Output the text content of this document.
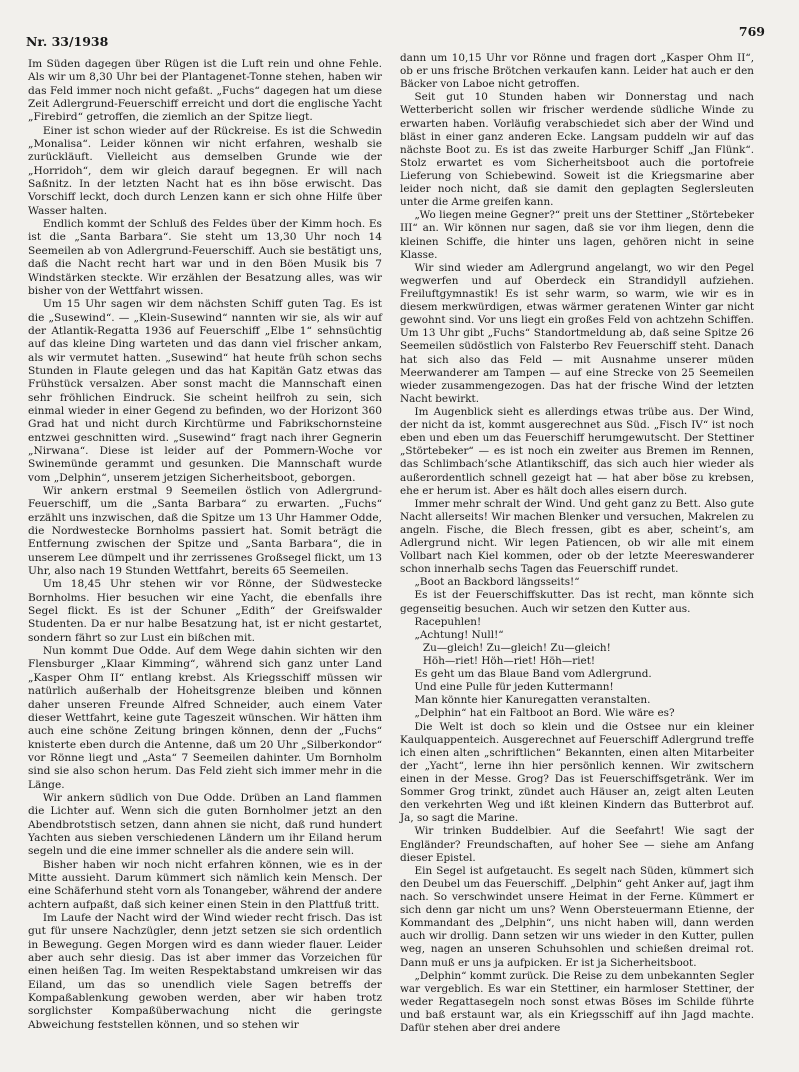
Nr. 33/1938
769

Im Süden dagegen über Rügen ist die Luft rein und ohne Fehle. Als wir um 8,30 Uhr bei der Plantagenet-Tonne stehen, haben wir das Feld immer noch nicht gefaßt. „Fuchs“ dagegen hat um diese Zeit Adlergrund-Feuerschiff erreicht und dort die englische Yacht „Firebird“ getroffen, die ziemlich an der Spitze liegt.

Einer ist schon wieder auf der Rückreise. Es ist die Schwedin „Monalisa“. Leider können wir nicht erfahren, weshalb sie zurückläuft. Vielleicht aus demselben Grunde wie der „Horridoh“, dem wir gleich darauf begegnen. Er will nach Saßnitz. In der letzten Nacht hat es ihn böse erwischt. Das Vorschiff leckt, doch durch Lenzen kann er sich ohne Hilfe über Wasser halten.

Endlich kommt der Schluß des Feldes über der Kimm hoch. Es ist die „Santa Barbara“. Sie steht um 13,30 Uhr noch 14 Seemeilen ab von Adlergrund-Feuerschiff. Auch sie bestätigt uns, daß die Nacht recht hart war und in den Böen Musik bis 7 Windstärken steckte. Wir erzählen der Besatzung alles, was wir bisher von der Wettfahrt wissen.

Um 15 Uhr sagen wir dem nächsten Schiff guten Tag. Es ist die „Susewind“. — „Klein-Susewind“ nannten wir sie, als wir auf der Atlantik-Regatta 1936 auf Feuerschiff „Elbe 1“ sehnsüchtig auf das kleine Ding warteten und das dann viel frischer ankam, als wir vermutet hatten. „Susewind“ hat heute früh schon sechs Stunden in Flaute gelegen und das hat Kapitän Gatz etwas das Frühstück versalzen. Aber sonst macht die Mannschaft einen sehr fröhlichen Eindruck. Sie scheint heilfroh zu sein, sich einmal wieder in einer Gegend zu befinden, wo der Horizont 360 Grad hat und nicht durch Kirchtürme und Fabrikschornsteine entzwei geschnitten wird. „Susewind“ fragt nach ihrer Gegnerin „Nirwana“. Diese ist leider auf der Pommern-Woche vor Swinemünde gerammt und gesunken. Die Mannschaft wurde vom „Delphin“, unserem jetzigen Sicherheitsboot, geborgen.

Wir ankern erstmal 9 Seemeilen östlich von Adlergrund-Feuerschiff, um die „Santa Barbara“ zu erwarten. „Fuchs“ erzählt uns inzwischen, daß die Spitze um 13 Uhr Hammer Odde, die Nordwestecke Bornholms passiert hat. Somit beträgt die Entfernung zwischen der Spitze und „Santa Barbara“, die in unserem Lee dümpelt und ihr zerrissenes Großsegel flickt, um 13 Uhr, also nach 19 Stunden Wettfahrt, bereits 65 Seemeilen.

Um 18,45 Uhr stehen wir vor Rönne, der Südwestecke Bornholms. Hier besuchen wir eine Yacht, die ebenfalls ihre Segel flickt. Es ist der Schuner „Edith“ der Greifswalder Studenten. Da er nur halbe Besatzung hat, ist er nicht gestartet, sondern fährt so zur Lust ein bißchen mit.

Nun kommt Due Odde. Auf dem Wege dahin sichten wir den Flensburger „Klaar Kimming“, während sich ganz unter Land „Kasper Ohm II“ entlang krebst. Als Kriegsschiff müssen wir natürlich außerhalb der Hoheitsgrenze bleiben und können daher unseren Freunde Alfred Schneider, auch einem Vater dieser Wettfahrt, keine gute Tageszeit wünschen. Wir hätten ihm auch eine schöne Zeitung bringen können, denn der „Fuchs“ knisterte eben durch die Antenne, daß um 20 Uhr „Silberkondor“ vor Rönne liegt und „Asta“ 7 Seemeilen dahinter. Um Bornholm sind sie also schon herum. Das Feld zieht sich immer mehr in die Länge.

Wir ankern südlich von Due Odde. Drüben an Land flammen die Lichter auf. Wenn sich die guten Bornholmer jetzt an den Abendbrotstisch setzen, dann ahnen sie nicht, daß rund hundert Yachten aus sieben verschiedenen Ländern um ihr Eiland herum segeln und die eine immer schneller als die andere sein will.

Bisher haben wir noch nicht erfahren können, wie es in der Mitte aussieht. Darum kümmert sich nämlich kein Mensch. Der eine Schäferhund steht vorn als Tonangeber, während der andere achtern aufpaßt, daß sich keiner einen Stein in den Plattfuß tritt.

Im Laufe der Nacht wird der Wind wieder recht frisch. Das ist gut für unsere Nachzügler, denn jetzt setzen sie sich ordentlich in Bewegung. Gegen Morgen wird es dann wieder flauer. Leider aber auch sehr diesig. Das ist aber immer das Vorzeichen für einen heißen Tag. Im weiten Respektabstand umkreisen wir das Eiland, um das so unendlich viele Sagen betreffs der Kompaßablenkung gewoben werden, aber wir haben trotz sorglichster Kompaßüberwachung nicht die geringste Abweichung feststellen können, und so stehen wir

dann um 10,15 Uhr vor Rönne und fragen dort „Kasper Ohm II“, ob er uns frische Brötchen verkaufen kann. Leider hat auch er den Bäcker von Laboe nicht getroffen.

Seit gut 10 Stunden haben wir Donnerstag und nach Wetterbericht sollen wir frischer werdende südliche Winde zu erwarten haben. Vorläufig verabschiedet sich aber der Wind und bläst in einer ganz anderen Ecke. Langsam puddeln wir auf das nächste Boot zu. Es ist das zweite Harburger Schiff „Jan Flünk“. Stolz erwartet es vom Sicherheitsboot auch die portofreie Lieferung von Schiebewind. Soweit ist die Kriegsmarine aber leider noch nicht, daß sie damit den geplagten Seglersleuten unter die Arme greifen kann.

„Wo liegen meine Gegner?“ preit uns der Stettiner „Störtebeker III“ an. Wir können nur sagen, daß sie vor ihm liegen, denn die kleinen Schiffe, die hinter uns lagen, gehören nicht in seine Klasse.

Wir sind wieder am Adlergrund angelangt, wo wir den Pegel wegwerfen und auf Oberdeck ein Strandidyll aufziehen. Freiluftgymnastik! Es ist sehr warm, so warm, wie wir es in diesem merkwürdigen, etwas wärmer geratenen Winter gar nicht gewohnt sind. Vor uns liegt ein großes Feld von achtzehn Schiffen. Um 13 Uhr gibt „Fuchs“ Standortmeldung ab, daß seine Spitze 26 Seemeilen südöstlich von Falsterbo Rev Feuerschiff steht. Danach hat sich also das Feld — mit Ausnahme unserer müden Meerwanderer am Tampen — auf eine Strecke von 25 Seemeilen wieder zusammengezogen. Das hat der frische Wind der letzten Nacht bewirkt.

Im Augenblick sieht es allerdings etwas trübe aus. Der Wind, der nicht da ist, kommt ausgerechnet aus Süd. „Fisch IV“ ist noch eben und eben um das Feuerschiff herumgewutscht. Der Stettiner „Störtebeker“ — es ist noch ein zweiter aus Bremen im Rennen, das Schlimbach’sche Atlantikschiff, das sich auch hier wieder als außerordentlich schnell gezeigt hat — hat aber böse zu krebsen, ehe er herum ist. Aber es hält doch alles eisern durch.

Immer mehr schralt der Wind. Und geht ganz zu Bett. Also gute Nacht allerseits! Wir machen Blenker und versuchen, Makrelen zu angeln. Fische, die Blech fressen, gibt es aber, scheint’s, am Adlergrund nicht. Wir legen Patiencen, ob wir alle mit einem Vollbart nach Kiel kommen, oder ob der letzte Meereswanderer schon innerhalb sechs Tagen das Feuerschiff rundet.

„Boot an Backbord längsseits!“

Es ist der Feuerschiffskutter. Das ist recht, man könnte sich gegenseitig besuchen. Auch wir setzen den Kutter aus.

Racepuhlen!

„Achtung! Null!“

Zu—gleich! Zu—gleich! Zu—gleich!

Höh—riet! Höh—riet! Höh—riet!

Es geht um das Blaue Band vom Adlergrund.

Und eine Pulle für jeden Kuttermann!

Man könnte hier Kanuregatten veranstalten.

„Delphin“ hat ein Faltboot an Bord. Wie wäre es?

Die Welt ist doch so klein und die Ostsee nur ein kleiner Kaulquappenteich. Ausgerechnet auf Feuerschiff Adlergrund treffe ich einen alten „schriftlichen“ Bekannten, einen alten Mitarbeiter der „Yacht“, lerne ihn hier persönlich kennen. Wir zwitschern einen in der Messe. Grog? Das ist Feuerschiffsgetränk. Wer im Sommer Grog trinkt, zündet auch Häuser an, zeigt alten Leuten den verkehrten Weg und ißt kleinen Kindern das Butterbrot auf. Ja, so sagt die Marine.

Wir trinken Buddelbier. Auf die Seefahrt! Wie sagt der Engländer? Freundschaften, auf hoher See — siehe am Anfang dieser Epistel.

Ein Segel ist aufgetaucht. Es segelt nach Süden, kümmert sich den Deubel um das Feuerschiff. „Delphin“ geht Anker auf, jagt ihm nach. So verschwindet unsere Heimat in der Ferne. Kümmert er sich denn gar nicht um uns? Wenn Obersteuermann Etienne, der Kommandant des „Delphin“, uns nicht haben will, dann werden auch wir drollig. Dann setzen wir uns wieder in den Kutter, pullen weg, nagen an unseren Schuhsohlen und schießen dreimal rot. Dann muß er uns ja aufpicken. Er ist ja Sicherheitsboot.

„Delphin“ kommt zurück. Die Reise zu dem unbekannten Segler war vergeblich. Es war ein Stettiner, ein harmloser Stettiner, der weder Regattasegeln noch sonst etwas Böses im Schilde führte und baß erstaunt war, als ein Kriegsschiff auf ihn Jagd machte. Dafür stehen aber drei andere
